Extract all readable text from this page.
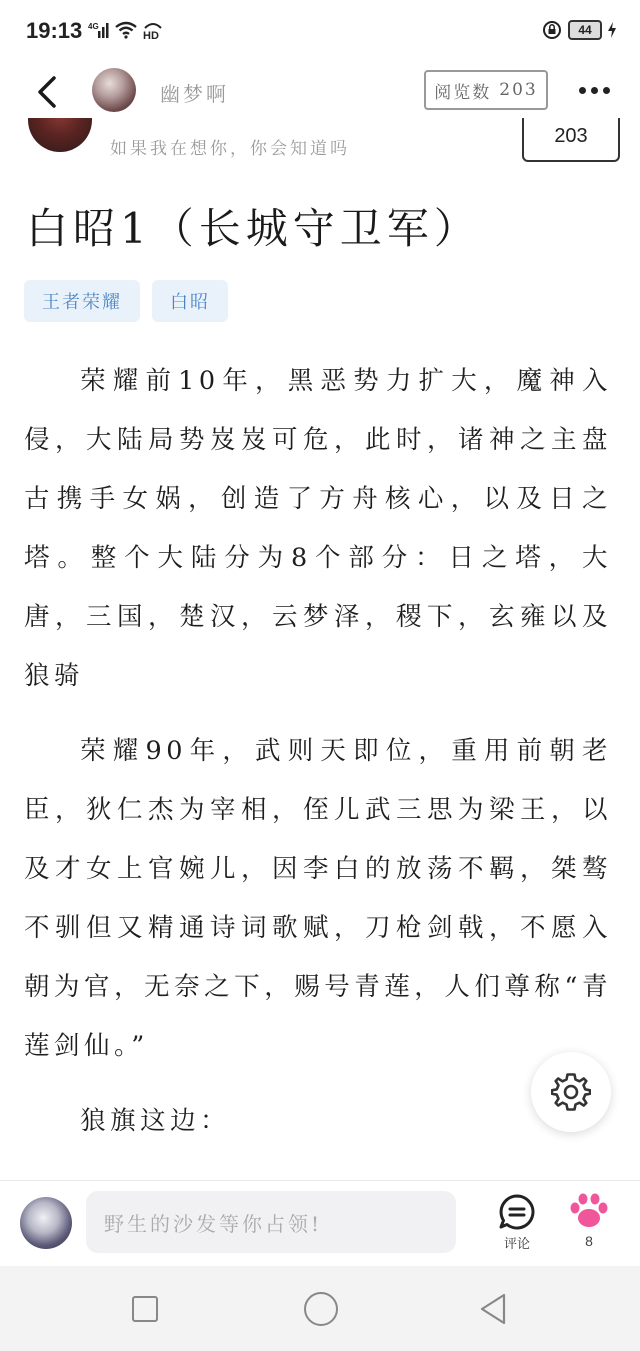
19:13 4G
HD	44
幽梦啊	阅览数 203
如果我在想你，你会知道吗
203
白昭1（长城守卫军）
王者荣耀	白昭

荣耀前10年，黑恶势力扩大，魔神入侵，大陆局势岌岌可危，此时，诸神之主盘古携手女娲，创造了方舟核心，以及日之塔。整个大陆分为8个部分：日之塔，大唐，三国，楚汉，云梦泽，稷下，玄雍以及狼骑

荣耀90年，武则天即位，重用前朝老臣，狄仁杰为宰相，侄儿武三思为梁王，以及才女上官婉儿，因李白的放荡不羁，桀骜不驯但又精通诗词歌赋，刀枪剑戟，不愿入朝为官，无奈之下，赐号青莲，人们尊称“青莲剑仙。”

狼旗这边：

野生的沙发等你占领!
评论	8
